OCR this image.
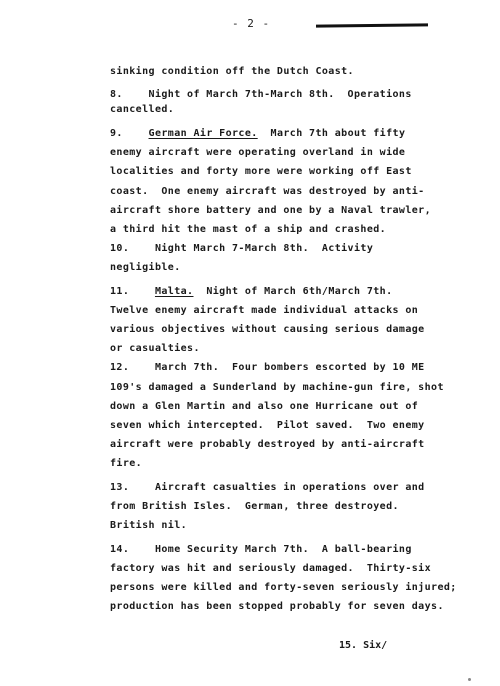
- 2 -
sinking condition off the Dutch Coast.
8.    Night of March 7th-March 8th.  Operations
cancelled.
9.    German Air Force.  March 7th about fifty
enemy aircraft were operating overland in wide
localities and forty more were working off East
coast.  One enemy aircraft was destroyed by anti-
aircraft shore battery and one by a Naval trawler,
a third hit the mast of a ship and crashed.
10.    Night March 7-March 8th.  Activity
negligible.
11.    Malta.  Night of March 6th/March 7th.
Twelve enemy aircraft made individual attacks on
various objectives without causing serious damage
or casualties.
12.    March 7th.  Four bombers escorted by 10 ME
109's damaged a Sunderland by machine-gun fire, shot
down a Glen Martin and also one Hurricane out of
seven which intercepted.  Pilot saved.  Two enemy
aircraft were probably destroyed by anti-aircraft
fire.
13.    Aircraft casualties in operations over and
from British Isles.  German, three destroyed.
British nil.
14.    Home Security March 7th.  A ball-bearing
factory was hit and seriously damaged.  Thirty-six
persons were killed and forty-seven seriously injured;
production has been stopped probably for seven days.
15. Six/
